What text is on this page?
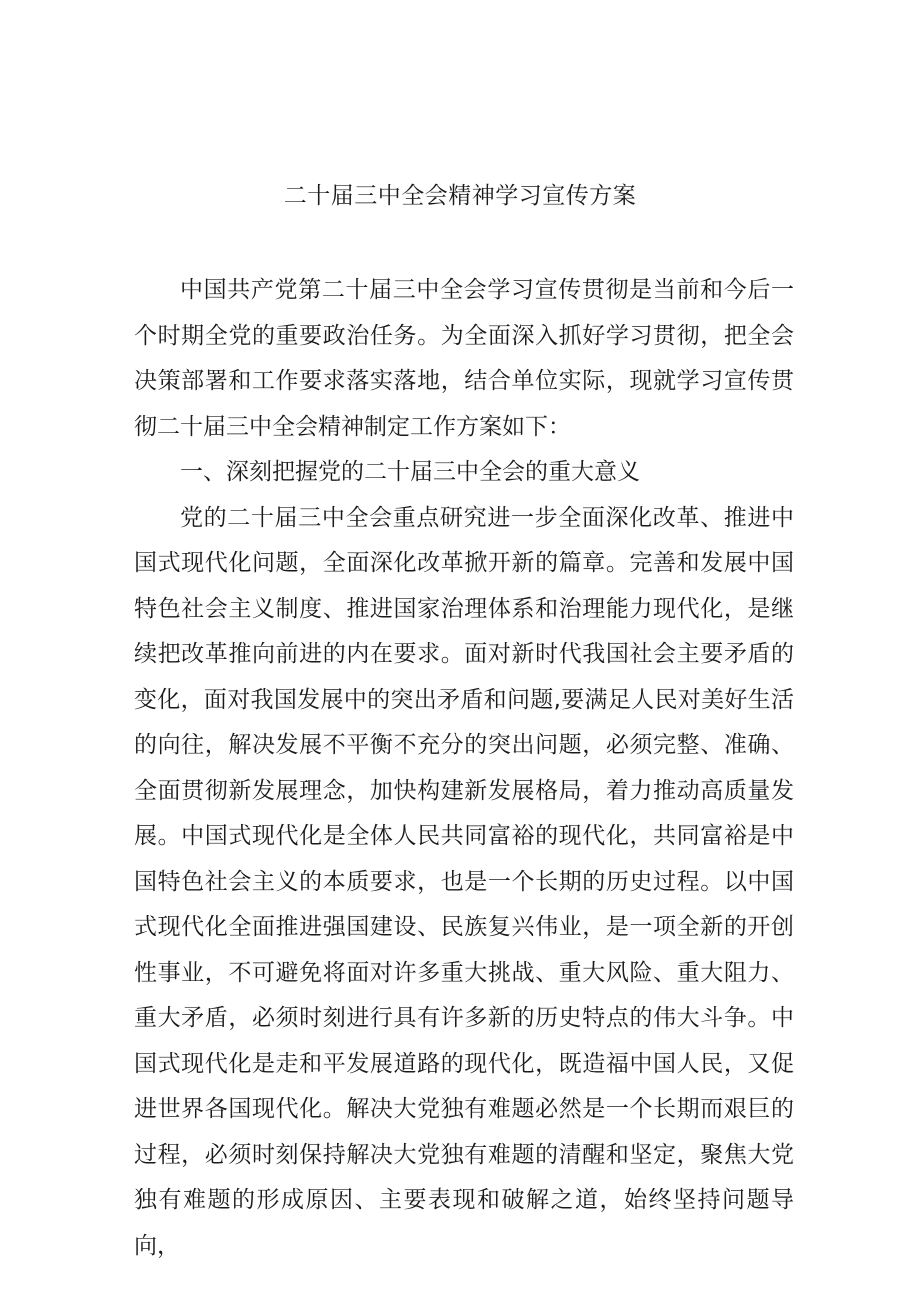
二十届三中全会精神学习宣传方案

中国共产党第二十届三中全会学习宣传贯彻是当前和今后一个时期全党的重要政治任务。为全面深入抓好学习贯彻，把全会决策部署和工作要求落实落地，结合单位实际，现就学习宣传贯彻二十届三中全会精神制定工作方案如下：

一、深刻把握党的二十届三中全会的重大意义

党的二十届三中全会重点研究进一步全面深化改革、推进中国式现代化问题，全面深化改革掀开新的篇章。完善和发展中国特色社会主义制度、推进国家治理体系和治理能力现代化，是继续把改革推向前进的内在要求。面对新时代我国社会主要矛盾的变化，面对我国发展中的突出矛盾和问题,要满足人民对美好生活的向往，解决发展不平衡不充分的突出问题，必须完整、准确、全面贯彻新发展理念，加快构建新发展格局，着力推动高质量发展。中国式现代化是全体人民共同富裕的现代化，共同富裕是中国特色社会主义的本质要求，也是一个长期的历史过程。以中国式现代化全面推进强国建设、民族复兴伟业，是一项全新的开创性事业，不可避免将面对许多重大挑战、重大风险、重大阻力、重大矛盾，必须时刻进行具有许多新的历史特点的伟大斗争。中国式现代化是走和平发展道路的现代化，既造福中国人民，又促进世界各国现代化。解决大党独有难题必然是一个长期而艰巨的过程，必须时刻保持解决大党独有难题的清醒和坚定，聚焦大党独有难题的形成原因、主要表现和破解之道，始终坚持问题导向，
